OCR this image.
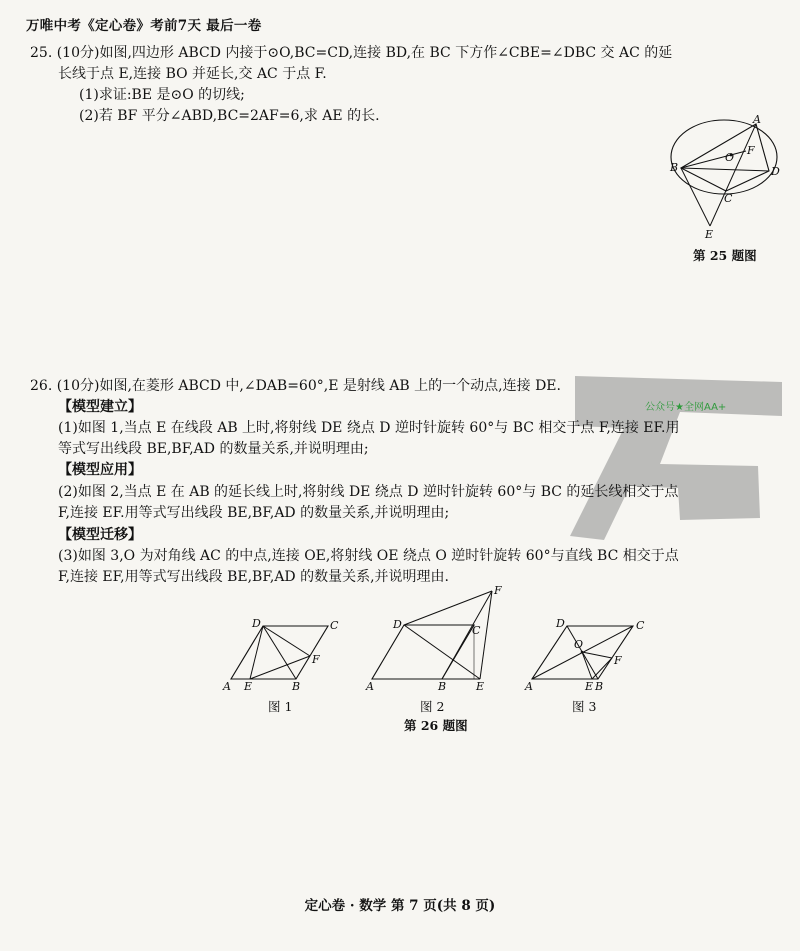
万唯中考《定心卷》考前7天 最后一卷
25. (10分)如图,四边形 ABCD 内接于⊙O,BC=CD,连接 BD,在 BC 下方作∠CBE=∠DBC 交 AC 的延
长线于点 E,连接 BO 并延长,交 AC 于点 F.
(1)求证:BE 是⊙O 的切线;
(2)若 BF 平分∠ABD,BC=2AF=6,求 AE 的长.	A
B
C
D
E
F
O
第 25 题图
公众号★全网AA+
26. (10分)如图,在菱形 ABCD 中,∠DAB=60°,E 是射线 AB 上的一个动点,连接 DE.
【模型建立】
(1)如图 1,当点 E 在线段 AB 上时,将射线 DE 绕点 D 逆时针旋转 60°与 BC 相交于点 F,连接 EF.用
等式写出线段 BE,BF,AD 的数量关系,并说明理由;
【模型应用】
(2)如图 2,当点 E 在 AB 的延长线上时,将射线 DE 绕点 D 逆时针旋转 60°与 BC 的延长线相交于点
F,连接 EF.用等式写出线段 BE,BF,AD 的数量关系,并说明理由;
【模型迁移】
(3)如图 3,O 为对角线 AC 的中点,连接 OE,将射线 OE 绕点 O 逆时针旋转 60°与直线 BC 相交于点
F,连接 EF,用等式写出线段 BE,BF,AD 的数量关系,并说明理由.
A E	B
C
D
F
图 1
A	B	E
C
D
F
图 2
A	E B
C
D
F
O
图 3
第 26 题图
定心卷 · 数学 第 7 页(共 8 页)
